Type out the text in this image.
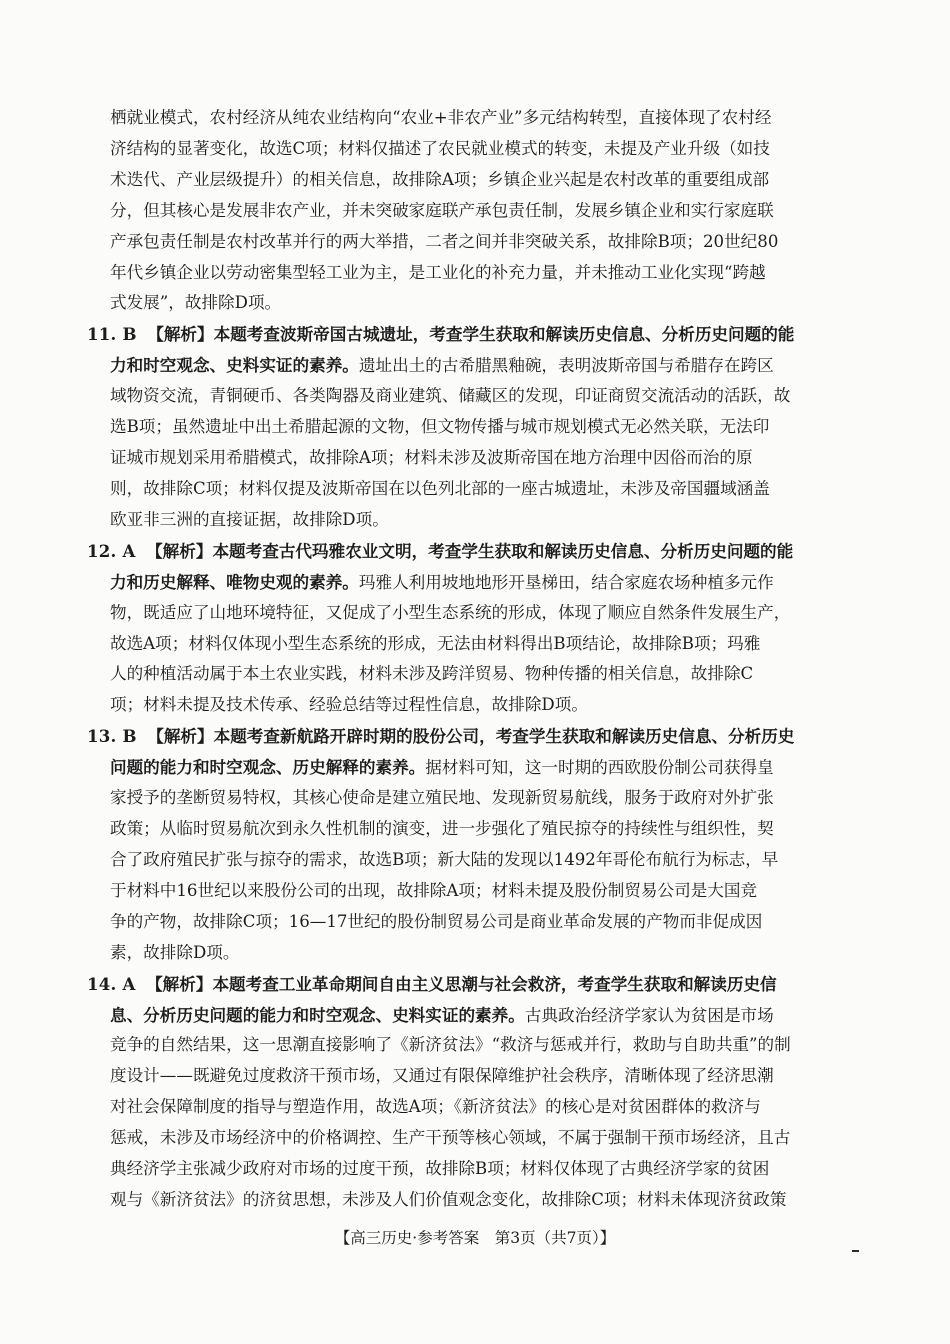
栖就业模式，农村经济从纯农业结构向“农业+非农产业”多元结构转型，直接体现了农村经
济结构的显著变化，故选C项；材料仅描述了农民就业模式的转变，未提及产业升级（如技
术迭代、产业层级提升）的相关信息，故排除A项；乡镇企业兴起是农村改革的重要组成部
分，但其核心是发展非农产业，并未突破家庭联产承包责任制，发展乡镇企业和实行家庭联
产承包责任制是农村改革并行的两大举措，二者之间并非突破关系，故排除B项；20世纪80
年代乡镇企业以劳动密集型轻工业为主，是工业化的补充力量，并未推动工业化实现“跨越
式发展”，故排除D项。
11. B 【解析】本题考查波斯帝国古城遗址，考查学生获取和解读历史信息、分析历史问题的能
力和时空观念、史料实证的素养。遗址出土的古希腊黑釉碗，表明波斯帝国与希腊存在跨区
域物资交流，青铜硬币、各类陶器及商业建筑、储藏区的发现，印证商贸交流活动的活跃，故
选B项；虽然遗址中出土希腊起源的文物，但文物传播与城市规划模式无必然关联，无法印
证城市规划采用希腊模式，故排除A项；材料未涉及波斯帝国在地方治理中因俗而治的原
则，故排除C项；材料仅提及波斯帝国在以色列北部的一座古城遗址，未涉及帝国疆域涵盖
欧亚非三洲的直接证据，故排除D项。
12. A 【解析】本题考查古代玛雅农业文明，考查学生获取和解读历史信息、分析历史问题的能
力和历史解释、唯物史观的素养。玛雅人利用坡地地形开垦梯田，结合家庭农场种植多元作
物，既适应了山地环境特征，又促成了小型生态系统的形成，体现了顺应自然条件发展生产，
故选A项；材料仅体现小型生态系统的形成，无法由材料得出B项结论，故排除B项；玛雅
人的种植活动属于本土农业实践，材料未涉及跨洋贸易、物种传播的相关信息，故排除C
项；材料未提及技术传承、经验总结等过程性信息，故排除D项。
13. B 【解析】本题考查新航路开辟时期的股份公司，考查学生获取和解读历史信息、分析历史
问题的能力和时空观念、历史解释的素养。据材料可知，这一时期的西欧股份制公司获得皇
家授予的垄断贸易特权，其核心使命是建立殖民地、发现新贸易航线，服务于政府对外扩张
政策；从临时贸易航次到永久性机制的演变，进一步强化了殖民掠夺的持续性与组织性，契
合了政府殖民扩张与掠夺的需求，故选B项；新大陆的发现以1492年哥伦布航行为标志，早
于材料中16世纪以来股份公司的出现，故排除A项；材料未提及股份制贸易公司是大国竞
争的产物，故排除C项；16—17世纪的股份制贸易公司是商业革命发展的产物而非促成因
素，故排除D项。
14. A 【解析】本题考查工业革命期间自由主义思潮与社会救济，考查学生获取和解读历史信
息、分析历史问题的能力和时空观念、史料实证的素养。古典政治经济学家认为贫困是市场
竞争的自然结果，这一思潮直接影响了《新济贫法》“救济与惩戒并行，救助与自助共重”的制
度设计——既避免过度救济干预市场，又通过有限保障维护社会秩序，清晰体现了经济思潮
对社会保障制度的指导与塑造作用，故选A项；《新济贫法》的核心是对贫困群体的救济与
惩戒，未涉及市场经济中的价格调控、生产干预等核心领域，不属于强制干预市场经济，且古
典经济学主张减少政府对市场的过度干预，故排除B项；材料仅体现了古典经济学家的贫困
观与《新济贫法》的济贫思想，未涉及人们价值观念变化，故排除C项；材料未体现济贫政策
【高三历史·参考答案　第3页（共7页）】
